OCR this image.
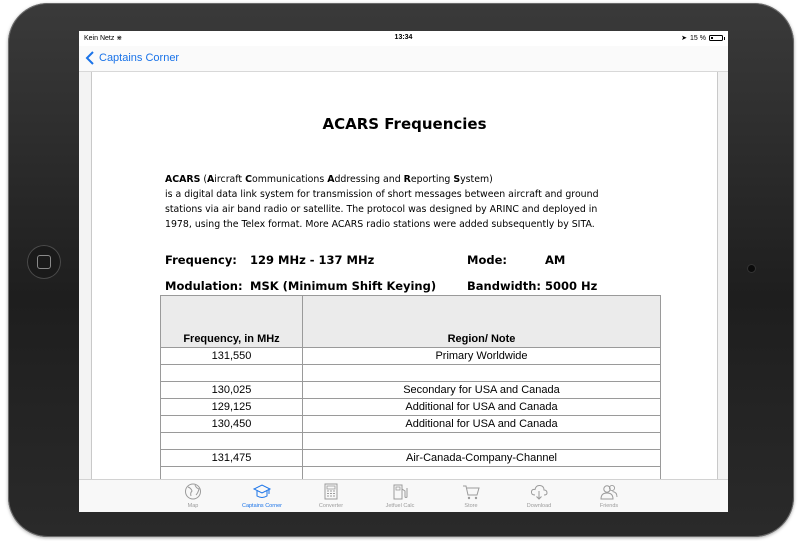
Kein Netz ⋇	13:34	➤ 15 %
Captains Corner
ACARS Frequencies

ACARS (Aircraft Communications Addressing and Reporting System)

is a digital data link system for transmission of short messages between aircraft and ground

stations via air band radio or satellite. The protocol was designed by ARINC and deployed in

1978, using the Telex format. More ACARS radio stations were added subsequently by SITA.

Frequency: 129 MHz - 137 MHz	Mode:	AM
Modulation: MSK (Minimum Shift Keying)	Bandwidth: 5000 Hz
Frequency, in MHz	Region/ Note
131,550	Primary Worldwide

130,025	Secondary for USA and Canada
129,125	Additional for USA and Canada
130,450	Additional for USA and Canada

131,475	Air-Canada-Company-Channel

Map	Captains Corner	Converter	Jetfuel Calc	Store	Download	Friends
